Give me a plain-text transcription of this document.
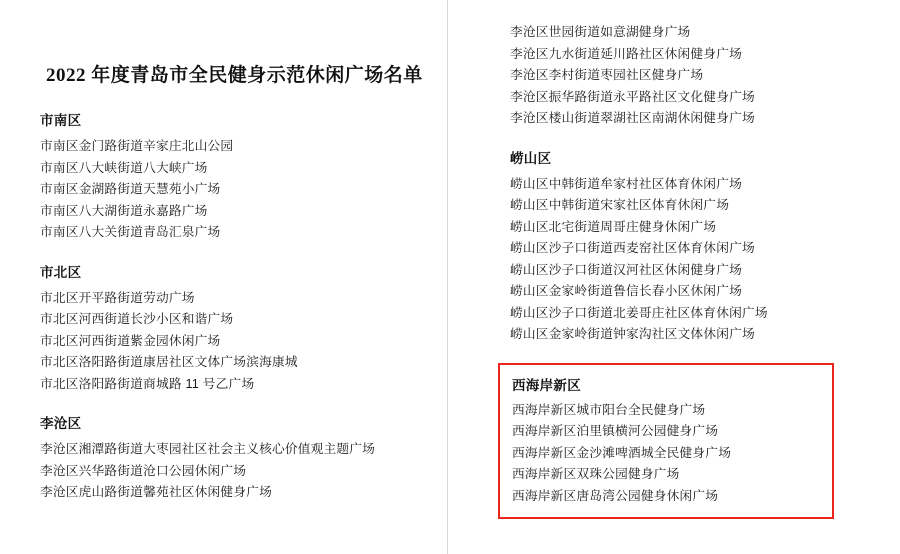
2022 年度青岛市全民健身示范休闲广场名单
市南区
市南区金门路街道辛家庄北山公园
市南区八大峡街道八大峡广场
市南区金湖路街道天慧苑小广场
市南区八大湖街道永嘉路广场
市南区八大关街道青岛汇泉广场
市北区
市北区开平路街道劳动广场
市北区河西街道长沙小区和谐广场
市北区河西街道紫金园休闲广场
市北区洛阳路街道康居社区文体广场滨海康城
市北区洛阳路街道商城路 11 号乙广场
李沧区
李沧区湘潭路街道大枣园社区社会主义核心价值观主题广场
李沧区兴华路街道沧口公园休闲广场
李沧区虎山路街道馨苑社区休闲健身广场
李沧区世园街道如意湖健身广场
李沧区九水街道延川路社区休闲健身广场
李沧区李村街道枣园社区健身广场
李沧区振华路街道永平路社区文化健身广场
李沧区楼山街道翠湖社区南湖休闲健身广场
崂山区
崂山区中韩街道牟家村社区体育休闲广场
崂山区中韩街道宋家社区体育休闲广场
崂山区北宅街道周哥庄健身休闲广场
崂山区沙子口街道西麦窑社区体育休闲广场
崂山区沙子口街道汉河社区休闲健身广场
崂山区金家岭街道鲁信长春小区休闲广场
崂山区沙子口街道北姜哥庄社区体育休闲广场
崂山区金家岭街道钟家沟社区文体休闲广场
西海岸新区
西海岸新区城市阳台全民健身广场
西海岸新区泊里镇横河公园健身广场
西海岸新区金沙滩啤酒城全民健身广场
西海岸新区双珠公园健身广场
西海岸新区唐岛湾公园健身休闲广场
